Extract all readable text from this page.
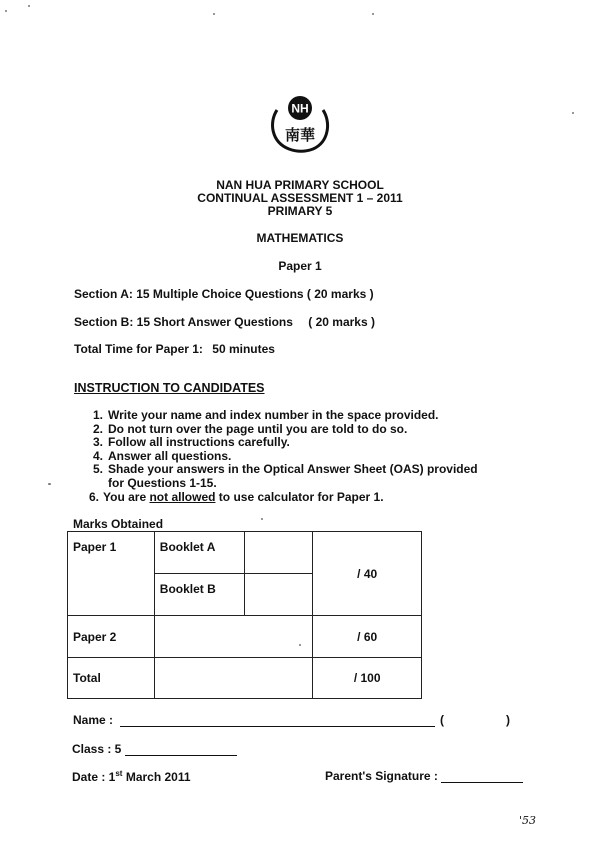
NH
南華
NAN HUA PRIMARY SCHOOL
CONTINUAL ASSESSMENT 1 – 2011
PRIMARY 5
MATHEMATICS
Paper 1
Section A: 15 Multiple Choice Questions ( 20 marks )
Section B: 15 Short Answer Questions ( 20 marks )
Total Time for Paper 1: 50 minutes
INSTRUCTION TO CANDIDATES
1. Write your name and index number in the space provided.
2. Do not turn over the page until you are told to do so.
3. Follow all instructions carefully.
4. Answer all questions.
5. Shade your answers in the Optical Answer Sheet (OAS) provided
for Questions 1-15.
6. You are not allowed to use calculator for Paper 1.
Marks Obtained
Paper 1	Booklet A		/ 40
	Booklet B		
Paper 2			/ 60
Total			/ 100
Name :	(	)
Class : 5
Date : 1st March 2011	Parent's Signature :
'53
